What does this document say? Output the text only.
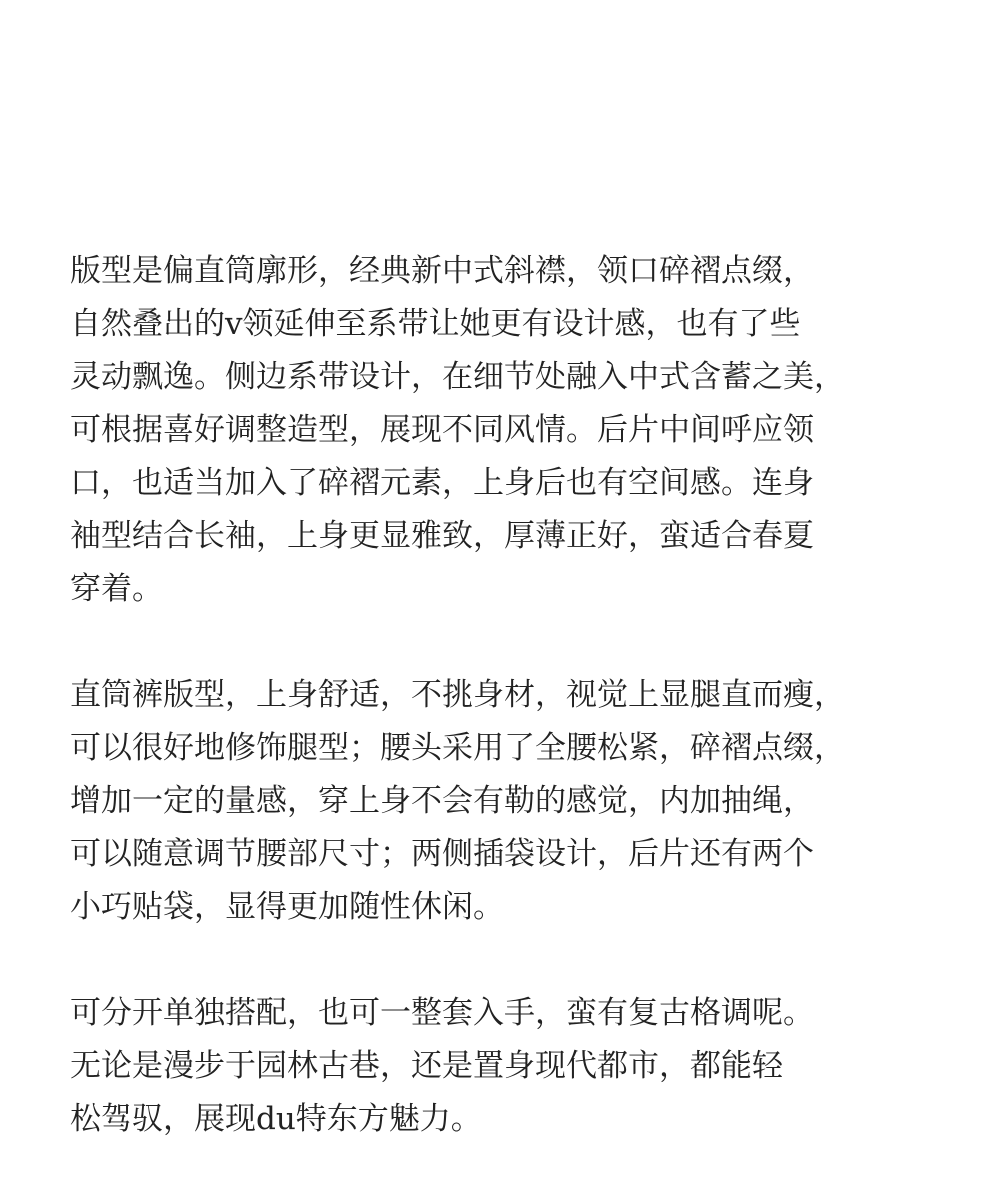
版型是偏直筒廓形，经典新中式斜襟，领口碎褶点缀，
自然叠出的v领延伸至系带让她更有设计感，也有了些
灵动飘逸。侧边系带设计，在细节处融入中式含蓄之美，
可根据喜好调整造型，展现不同风情。后片中间呼应领
口，也适当加入了碎褶元素，上身后也有空间感。连身
袖型结合长袖，上身更显雅致，厚薄正好，蛮适合春夏
穿着。
直筒裤版型，上身舒适，不挑身材，视觉上显腿直而瘦，
可以很好地修饰腿型；腰头采用了全腰松紧，碎褶点缀，
增加一定的量感，穿上身不会有勒的感觉，内加抽绳，
可以随意调节腰部尺寸；两侧插袋设计，后片还有两个
小巧贴袋，显得更加随性休闲。
可分开单独搭配，也可一整套入手，蛮有复古格调呢。
无论是漫步于园林古巷，还是置身现代都市，都能轻
松驾驭，展现du特东方魅力。
